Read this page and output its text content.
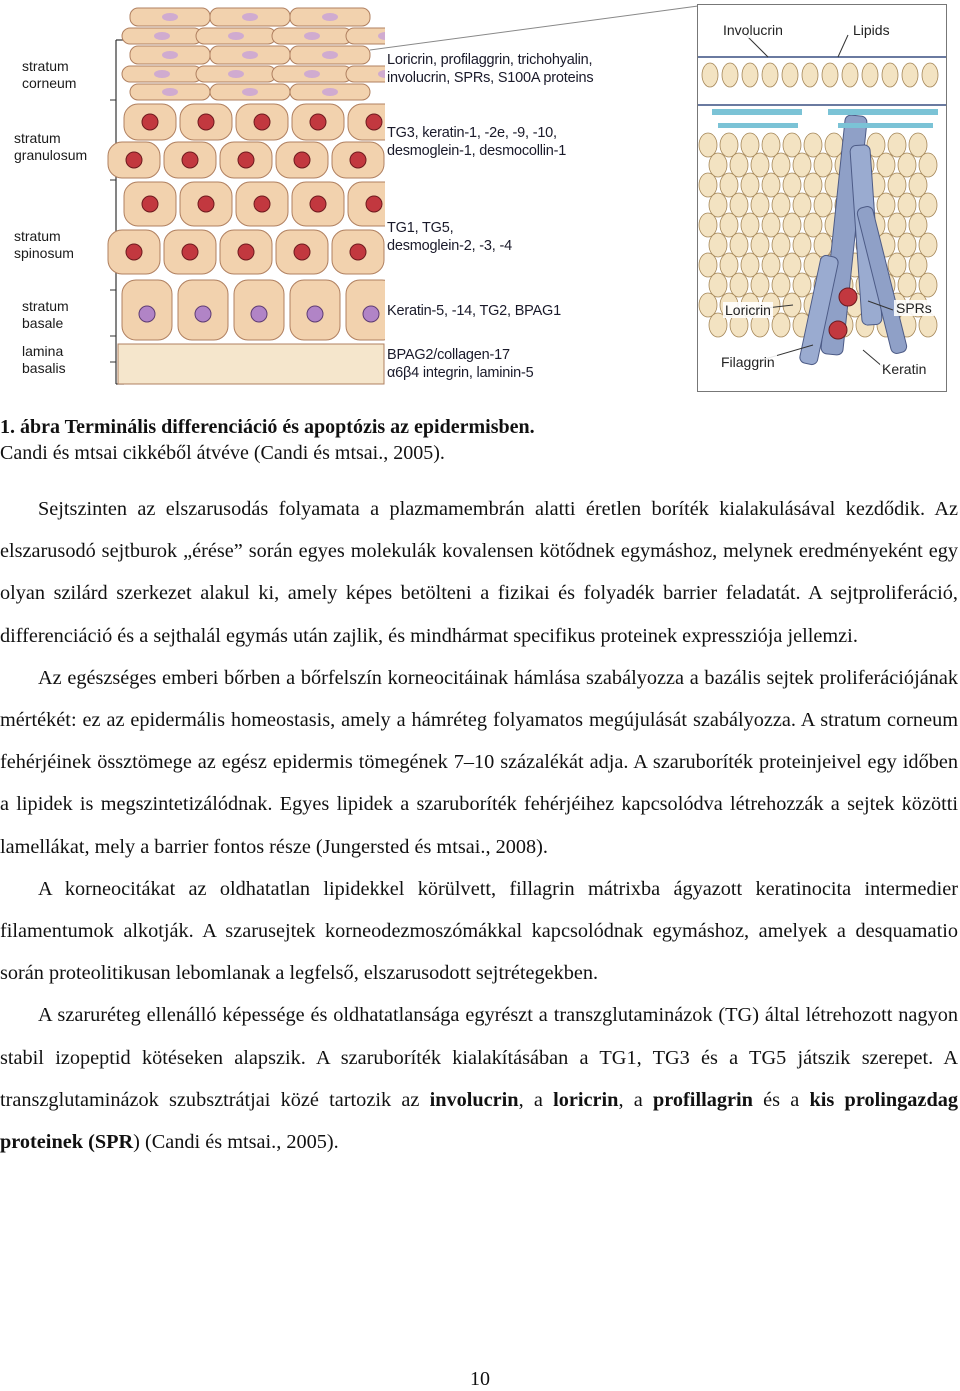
stratum
corneum
stratum
granulosum
stratum
spinosum
stratum
basale
lamina
basalis
Loricrin, profilaggrin, trichohyalin,
involucrin, SPRs, S100A proteins
TG3, keratin-1, -2e, -9, -10,
desmoglein-1, desmocollin-1
TG1, TG5,
desmoglein-2, -3, -4
Keratin-5, -14, TG2, BPAG1
BPAG2/collagen-17
α6β4 integrin, laminin-5
Involucrin	Lipids
Loricrin	SPRs
Filaggrin	Keratin
1. ábra Terminális differenciáció és apoptózis az epidermisben.
Candi és mtsai cikkéből átvéve (Candi és mtsai., 2005).

Sejtszinten az elszarusodás folyamata a plazmamembrán alatti éretlen boríték kialakulásával kezdődik. Az elszarusodó sejtburok „érése” során egyes molekulák kovalensen kötődnek egymáshoz, melynek eredményeként egy olyan szilárd szerkezet alakul ki, amely képes betölteni a fizikai és folyadék barrier feladatát. A sejtproliferáció, differenciáció és a sejthalál egymás után zajlik, és mindhármat specifikus proteinek expressziója jellemzi.

Az egészséges emberi bőrben a bőrfelszín korneocitáinak hámlása szabályozza a bazális sejtek proliferációjának mértékét: ez az epidermális homeostasis, amely a hámréteg folyamatos megújulását szabályozza. A stratum corneum fehérjéinek össztömege az egész epidermis tömegének 7–10 százalékát adja. A szaruboríték proteinjeivel egy időben a lipidek is megszintetizálódnak. Egyes lipidek a szaruboríték fehérjéihez kapcsolódva létrehozzák a sejtek közötti lamellákat, mely a barrier fontos része (Jungersted és mtsai., 2008).

A korneocitákat az oldhatatlan lipidekkel körülvett, fillagrin mátrixba ágyazott keratinocita intermedier filamentumok alkotják. A szarusejtek korneodezmoszómákkal kapcsolódnak egymáshoz, amelyek a desquamatio során proteolitikusan lebomlanak a legfelső, elszarusodott sejtrétegekben.

A szaruréteg ellenálló képessége és oldhatatlansága egyrészt a transzglutaminázok (TG) által létrehozott nagyon stabil izopeptid kötéseken alapszik. A szaruboríték kialakításában a TG1, TG3 és a TG5 játszik szerepet. A transzglutaminázok szubsztrátjai közé tartozik az involucrin, a loricrin, a profillagrin és a kis prolingazdag proteinek (SPR) (Candi és mtsai., 2005).

10
